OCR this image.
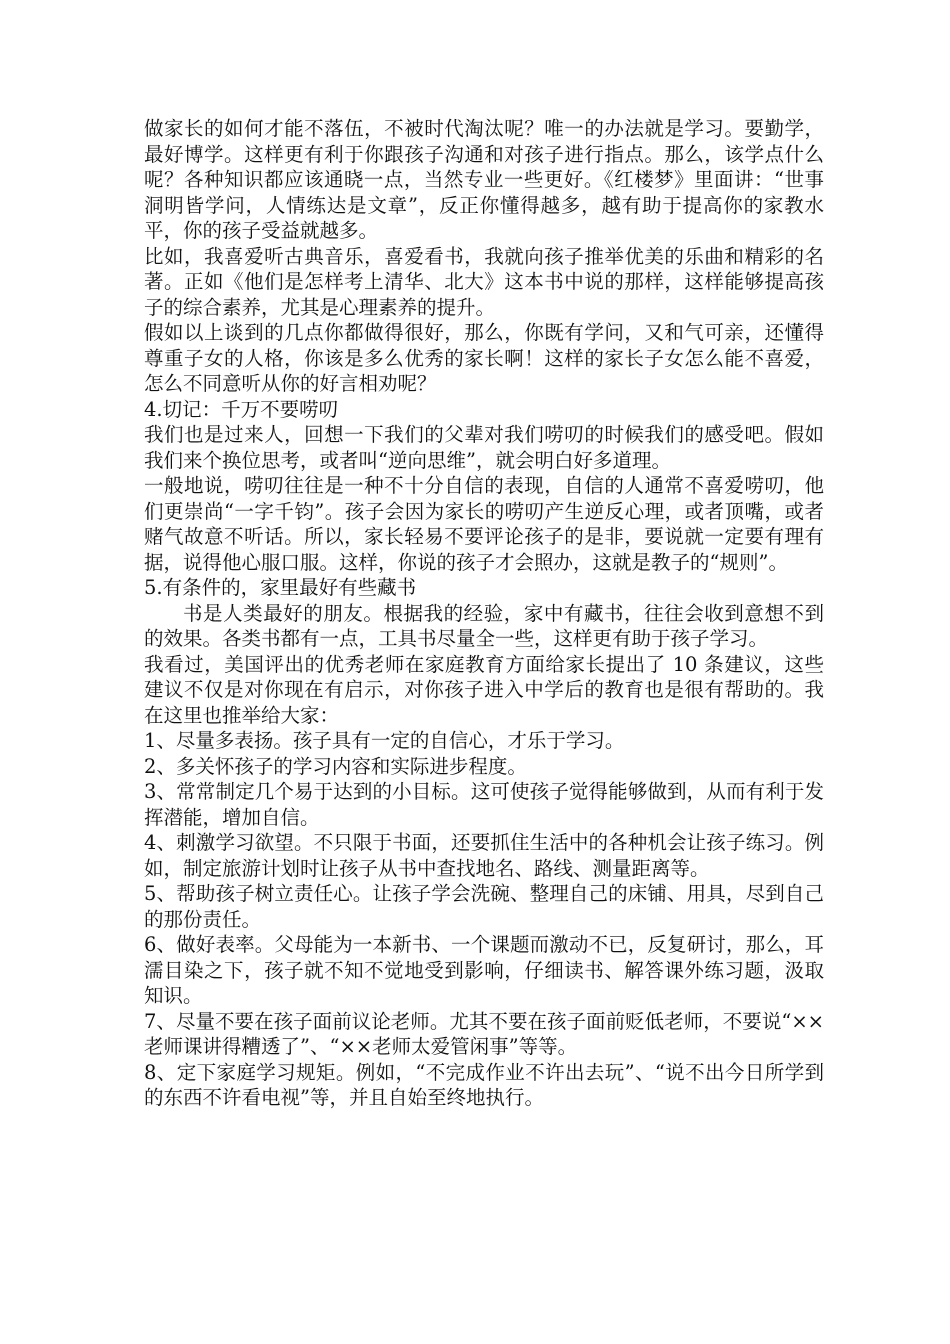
做家长的如何才能不落伍，不被时代淘汰呢？唯一的办法就是学习。要勤学，最好博学。这样更有利于你跟孩子沟通和对孩子进行指点。那么，该学点什么呢？各种知识都应该通晓一点，当然专业一些更好。《红楼梦》里面讲：“世事洞明皆学问，人情练达是文章”，反正你懂得越多，越有助于提高你的家教水平，你的孩子受益就越多。

比如，我喜爱听古典音乐，喜爱看书，我就向孩子推举优美的乐曲和精彩的名著。正如《他们是怎样考上清华、北大》这本书中说的那样，这样能够提高孩子的综合素养，尤其是心理素养的提升。

假如以上谈到的几点你都做得很好，那么，你既有学问，又和气可亲，还懂得尊重子女的人格，你该是多么优秀的家长啊！这样的家长子女怎么能不喜爱，怎么不同意听从你的好言相劝呢？

4.切记：千万不要唠叨

我们也是过来人，回想一下我们的父辈对我们唠叨的时候我们的感受吧。假如我们来个换位思考，或者叫“逆向思维”，就会明白好多道理。

一般地说，唠叨往往是一种不十分自信的表现，自信的人通常不喜爱唠叨，他们更崇尚“一字千钧”。孩子会因为家长的唠叨产生逆反心理，或者顶嘴，或者赌气故意不听话。所以，家长轻易不要评论孩子的是非，要说就一定要有理有据，说得他心服口服。这样，你说的孩子才会照办，这就是教子的“规则”。

5.有条件的，家里最好有些藏书

书是人类最好的朋友。根据我的经验，家中有藏书，往往会收到意想不到的效果。各类书都有一点，工具书尽量全一些，这样更有助于孩子学习。

我看过，美国评出的优秀老师在家庭教育方面给家长提出了 10 条建议，这些建议不仅是对你现在有启示，对你孩子进入中学后的教育也是很有帮助的。我在这里也推举给大家：

1、尽量多表扬。孩子具有一定的自信心，才乐于学习。

2、多关怀孩子的学习内容和实际进步程度。

3、常常制定几个易于达到的小目标。这可使孩子觉得能够做到，从而有利于发挥潜能，增加自信。

4、刺激学习欲望。不只限于书面，还要抓住生活中的各种机会让孩子练习。例如，制定旅游计划时让孩子从书中查找地名、路线、测量距离等。

5、帮助孩子树立责任心。让孩子学会洗碗、整理自己的床铺、用具，尽到自己的那份责任。

6、做好表率。父母能为一本新书、一个课题而激动不已，反复研讨，那么，耳濡目染之下，孩子就不知不觉地受到影响，仔细读书、解答课外练习题，汲取知识。

7、尽量不要在孩子面前议论老师。尤其不要在孩子面前贬低老师，不要说“××老师课讲得糟透了”、“××老师太爱管闲事”等等。

8、定下家庭学习规矩。例如，“不完成作业不许出去玩”、“说不出今日所学到的东西不许看电视”等，并且自始至终地执行。
